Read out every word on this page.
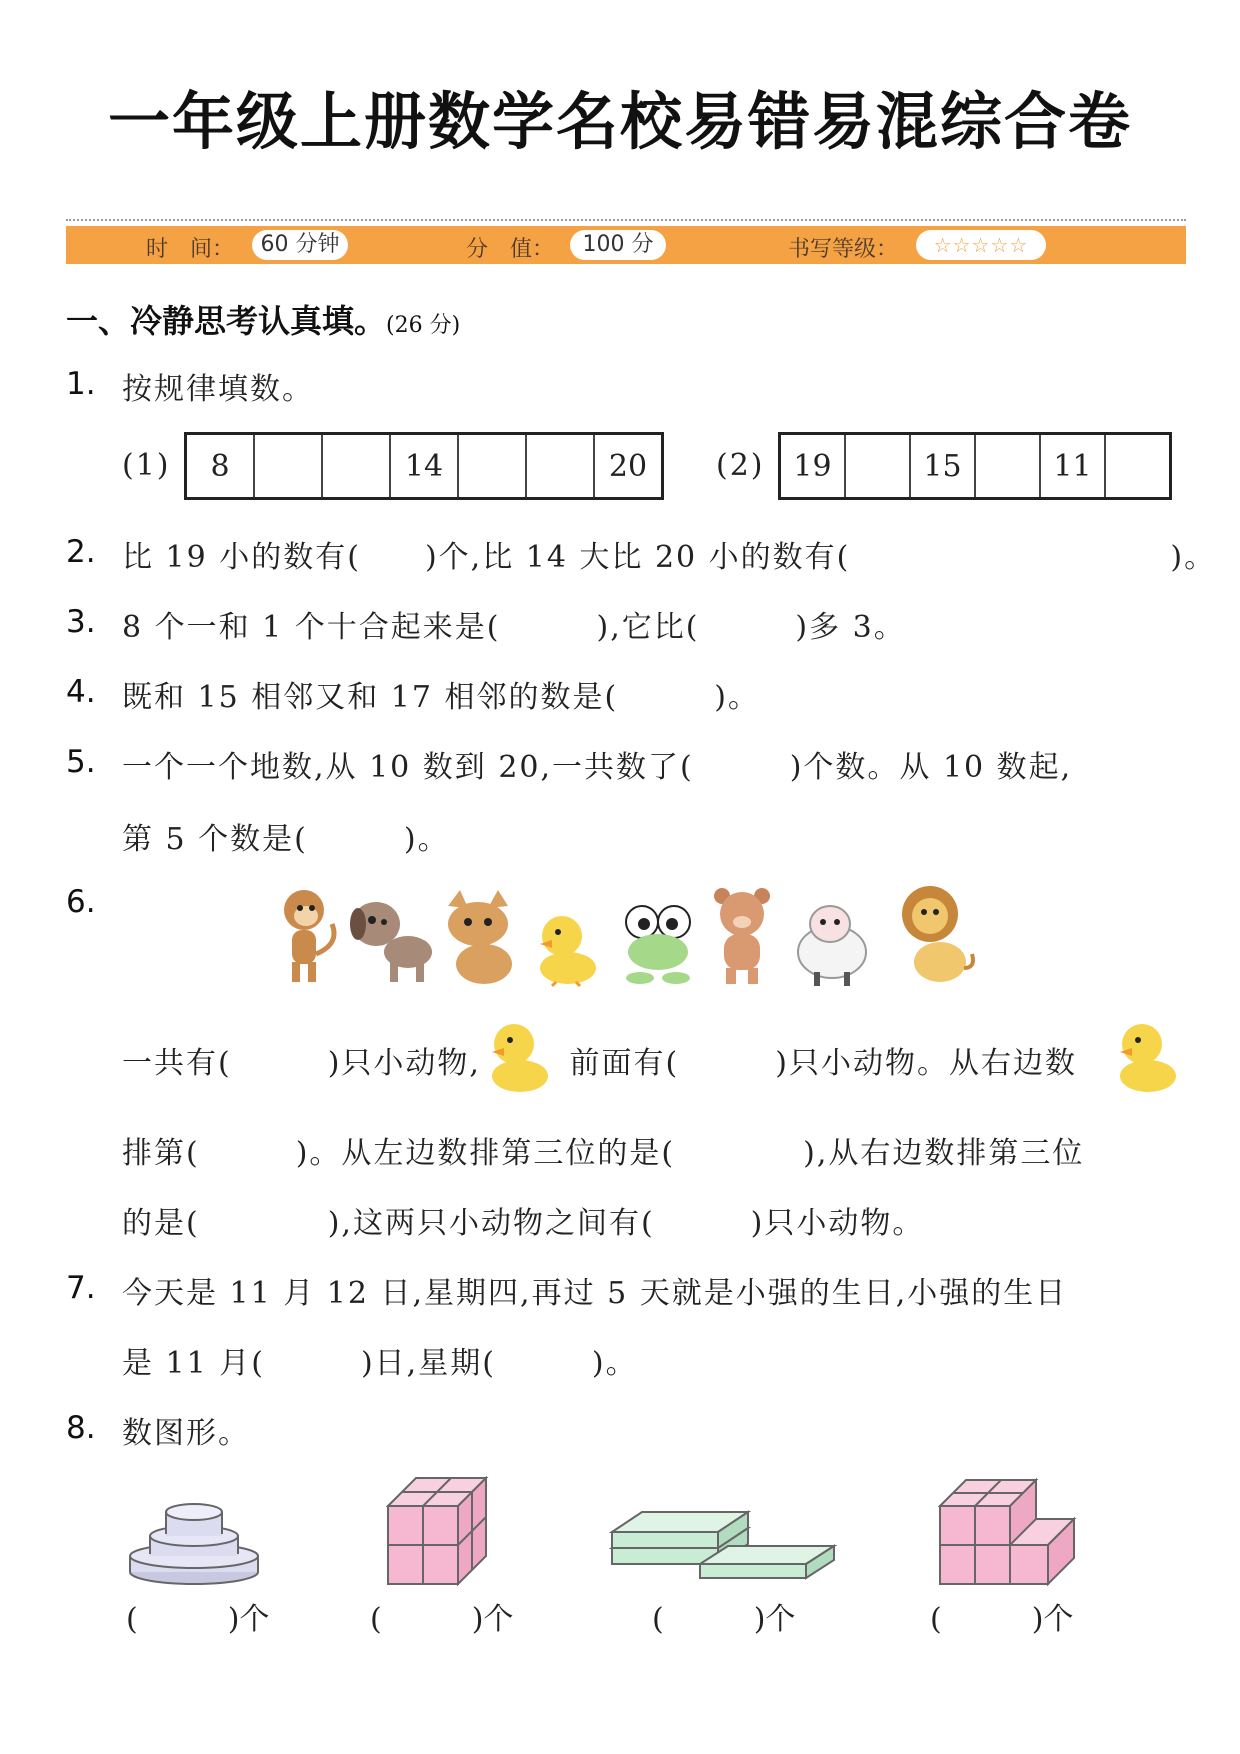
一年级上册数学名校易错易混综合卷
时　间：	60 分钟	分　值：	100 分	书写等级：	☆☆☆☆☆
一、冷静思考认真填。(26 分)
1. 按规律填数。
(1) 8			14			20 (2) 19		15		11	
2. 比 19 小的数有(　　)个,比 14 大比 20 小的数有(　　　　　　　　　　)。
3. 8 个一和 1 个十合起来是(　　　),它比(　　　)多 3。
4. 既和 15 相邻又和 17 相邻的数是(　　　)。
5. 一个一个地数,从 10 数到 20,一共数了(　　　)个数。从 10 数起,
第 5 个数是(　　　)。
6.
一共有(　　　)只小动物,	前面有(　　　)只小动物。从右边数
排第(　　　)。从左边数排第三位的是(　　　　),从右边数排第三位
的是(　　　　),这两只小动物之间有(　　　)只小动物。
7. 今天是 11 月 12 日,星期四,再过 5 天就是小强的生日,小强的生日
是 11 月(　　　)日,星期(　　　)。
8. 数图形。
(　　　)个	(　　　)个	(　　　)个	(　　　)个
